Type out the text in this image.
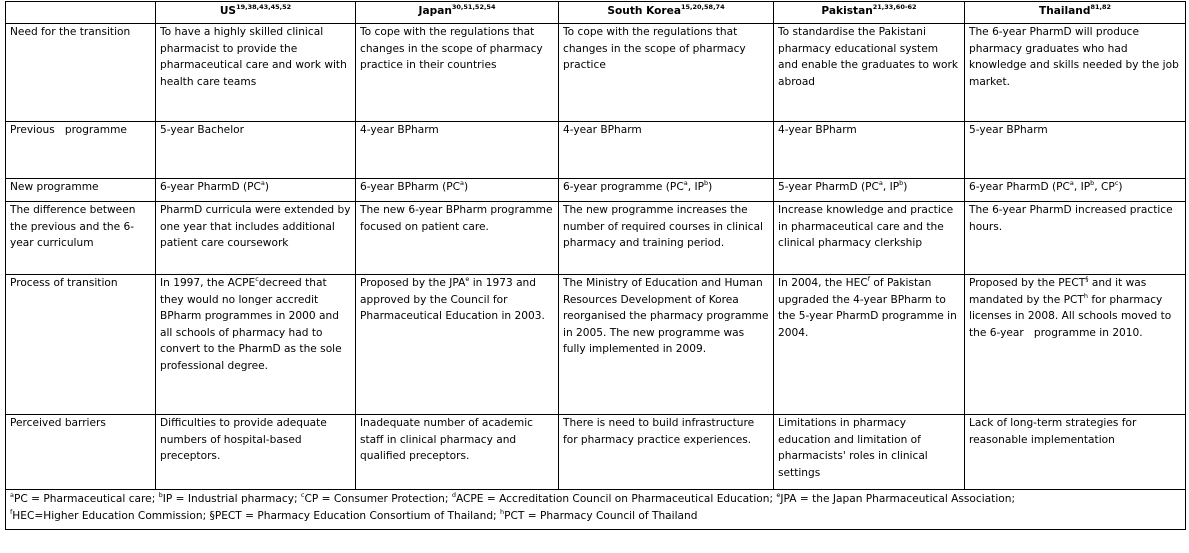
	US$^{19,38,43,45,52}$	Japan$^{30,51,52,54}$	South Korea$^{15,20,58,74}$	Pakistan$^{21,33,60-62}$	Thailand$^{81,82}$
Need for the transition	To have a highly skilled clinical pharmacist to provide the pharmaceutical care and work with health care teams	To cope with the regulations that changes in the scope of pharmacy practice in their countries	To cope with the regulations that changes in the scope of pharmacy practice	To standardise the Pakistani pharmacy educational system and enable the graduates to work abroad	The 6-year PharmD will produce pharmacy graduates who had knowledge and skills needed by the job market.
Previous   programme	5-year Bachelor	4-year BPharm	4-year BPharm	4-year BPharm	5-year BPharm
New programme	6-year PharmD $(PC^a)$	6-year BPharm $(PC^a)$	6-year programme ($PC^a$, $IP^b$)	5-year PharmD ($PC^a$, $IP^b$)	6-year PharmD ($PC^a$, $IP^b$, $CP^c$)
The difference between the previous and the 6-year curriculum	PharmD curricula were extended by one year that includes additional patient care coursework	The new 6-year BPharm programme focused on patient care.	The new programme increases the number of required courses in clinical pharmacy and training period.	Increase knowledge and practice in pharmaceutical care and the clinical pharmacy clerkship	The 6-year PharmD increased practice hours.
Process of transition	In 1997, the ACPE$^c$decreed that they would no longer accredit BPharm programmes in 2000 and all schools of pharmacy had to convert to the PharmD as the sole professional degree.	Proposed by the JPA$^e$ in 1973 and approved by the Council for Pharmaceutical Education in 2003.	The Ministry of Education and Human Resources Development of Korea reorganised the pharmacy programme in 2005. The new programme was fully implemented in 2009.	In 2004, the HEC$^f$ of Pakistan upgraded the 4-year BPharm to the 5-year PharmD programme in 2004.	Proposed by the PECT§ and it was mandated by the PCT$^h$ for pharmacy licenses in 2008. All schools moved to the 6-year   programme in 2010.
Perceived barriers	Difficulties to provide adequate numbers of hospital-based preceptors.	Inadequate number of academic staff in clinical pharmacy and qualified preceptors.	There is need to build infrastructure for pharmacy practice experiences.	Limitations in pharmacy education and limitation of pharmacists' roles in clinical settings	Lack of long-term strategies for reasonable implementation
$^a$PC = Pharmaceutical care; $^b$IP = Industrial pharmacy; $^c$CP = Consumer Protection; $^d$ACPE = Accreditation Council on Pharmaceutical Education; $^e$JPA = the Japan Pharmaceutical Association;
$^f$HEC=Higher Education Commission; §PECT = Pharmacy Education Consortium of Thailand; $^h$PCT = Pharmacy Council of Thailand					
